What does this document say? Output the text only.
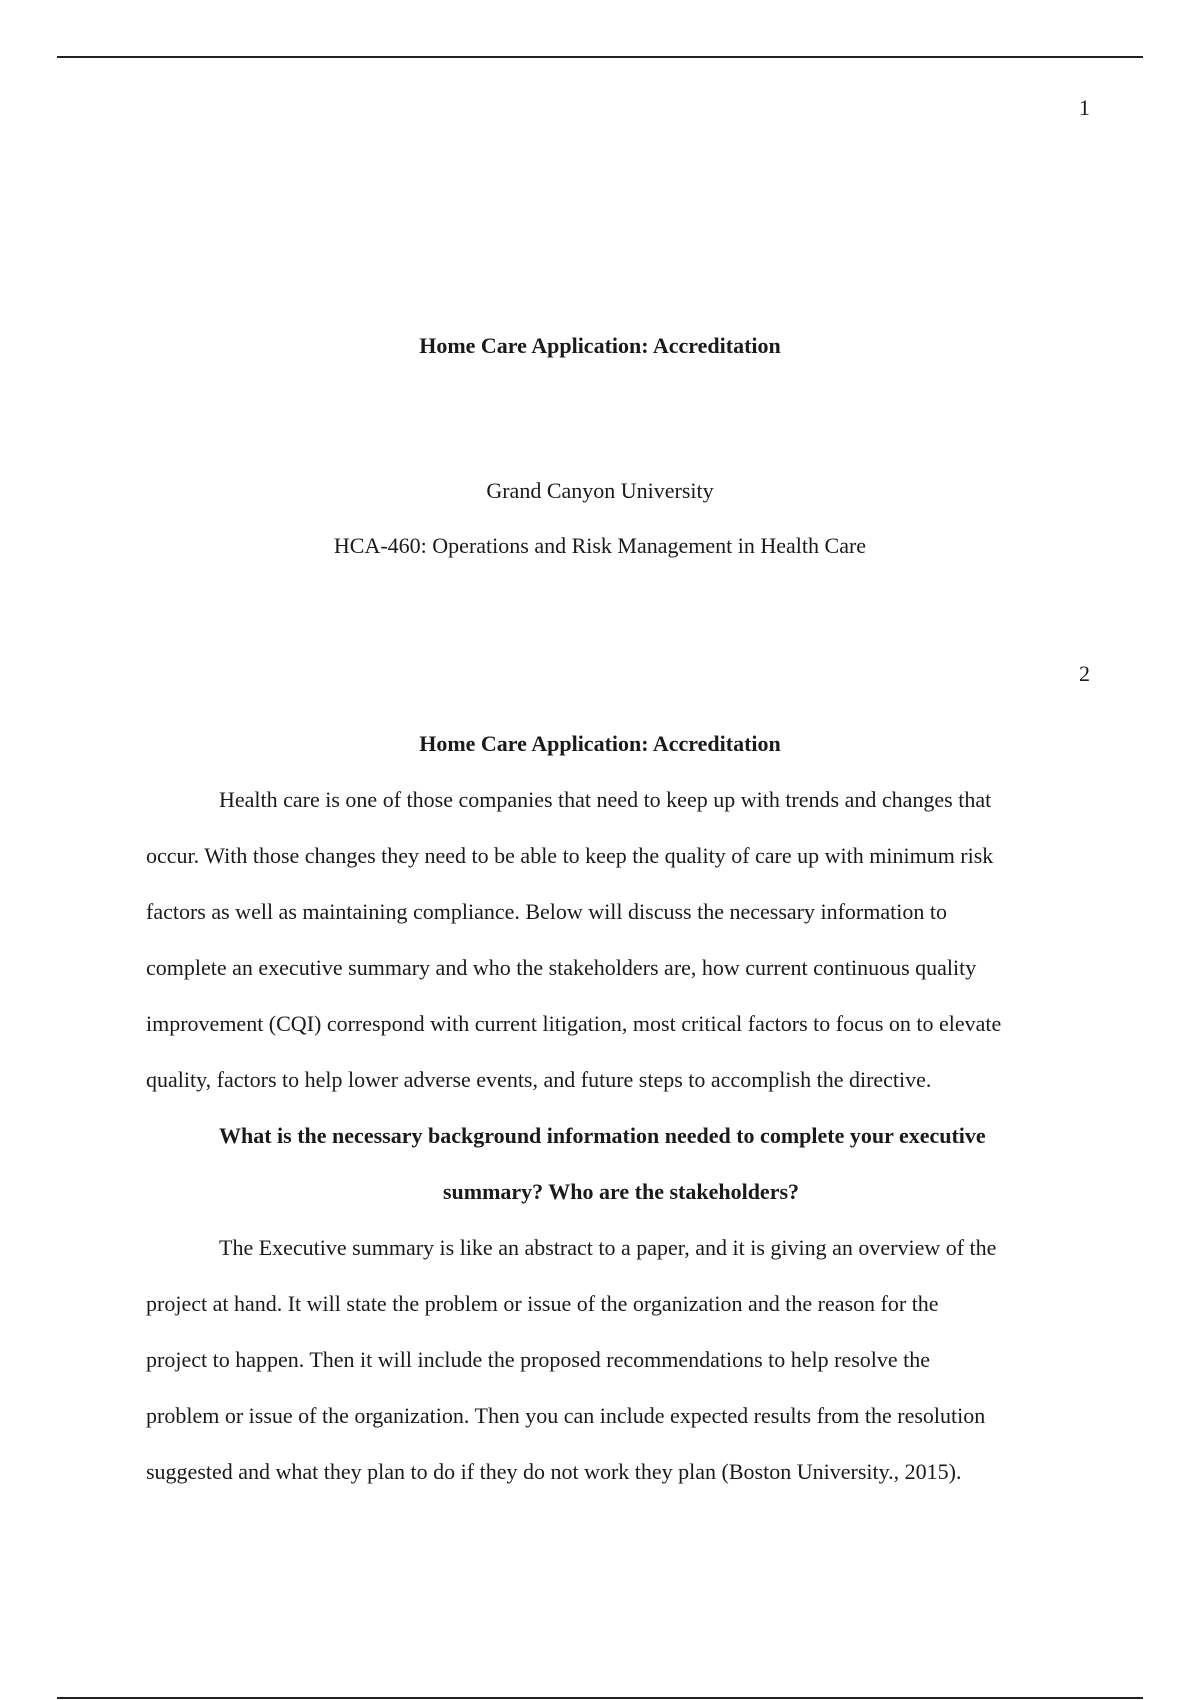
1
Home Care Application: Accreditation
Grand Canyon University
HCA-460: Operations and Risk Management in Health Care
2
Home Care Application: Accreditation
Health care is one of those companies that need to keep up with trends and changes that
occur. With those changes they need to be able to keep the quality of care up with minimum risk
factors as well as maintaining compliance. Below will discuss the necessary information to
complete an executive summary and who the stakeholders are, how current continuous quality
improvement (CQI) correspond with current litigation, most critical factors to focus on to elevate
quality, factors to help lower adverse events, and future steps to accomplish the directive.
What is the necessary background information needed to complete your executive
summary? Who are the stakeholders?
The Executive summary is like an abstract to a paper, and it is giving an overview of the
project at hand. It will state the problem or issue of the organization and the reason for the
project to happen. Then it will include the proposed recommendations to help resolve the
problem or issue of the organization. Then you can include expected results from the resolution
suggested and what they plan to do if they do not work they plan (Boston University., 2015).
